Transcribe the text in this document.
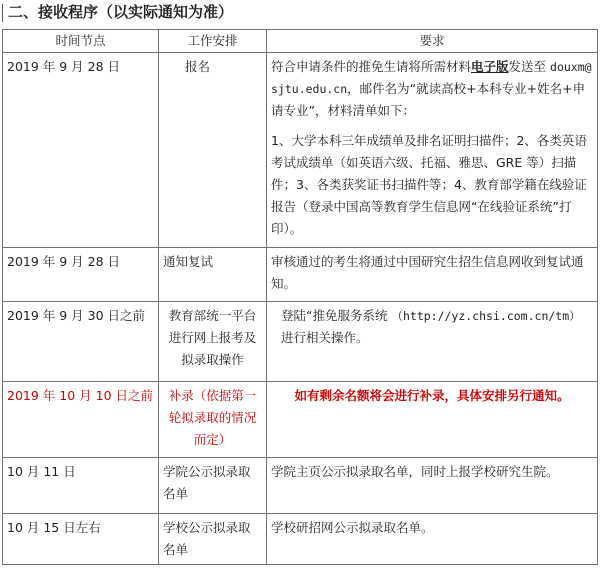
二、接收程序（以实际通知为准）
时间节点	工作安排	要求
2019 年 9 月 28 日	报名	符合申请条件的推免生请将所需材料电子版发送至 douxm@sjtu.edu.cn，邮件名为“就读高校+本科专业+姓名+申请专业”，材料清单如下：
1、大学本科三年成绩单及排名证明扫描件；2、各类英语考试成绩单（如英语六级、托福、雅思、GRE 等）扫描件；3、各类获奖证书扫描件等；4、教育部学籍在线验证报告（登录中国高等教育学生信息网“在线验证系统”打印）。

2019 年 9 月 28 日	通知复试	审核通过的考生将通过中国研究生招生信息网收到复试通知。
2019 年 9 月 30 日之前	教育部统一平台进行网上报考及拟录取操作	登陆“推免服务系统 （http://yz.chsi.com.cn/tm）进行相关操作。
2019 年 10 月 10 日之前	补录（依据第一轮拟录取的情况而定）	如有剩余名额将会进行补录，具体安排另行通知。
10 月 11 日	学院公示拟录取名单	学院主页公示拟录取名单，同时上报学校研究生院。
10 月 15 日左右	学校公示拟录取名单	学校研招网公示拟录取名单。
